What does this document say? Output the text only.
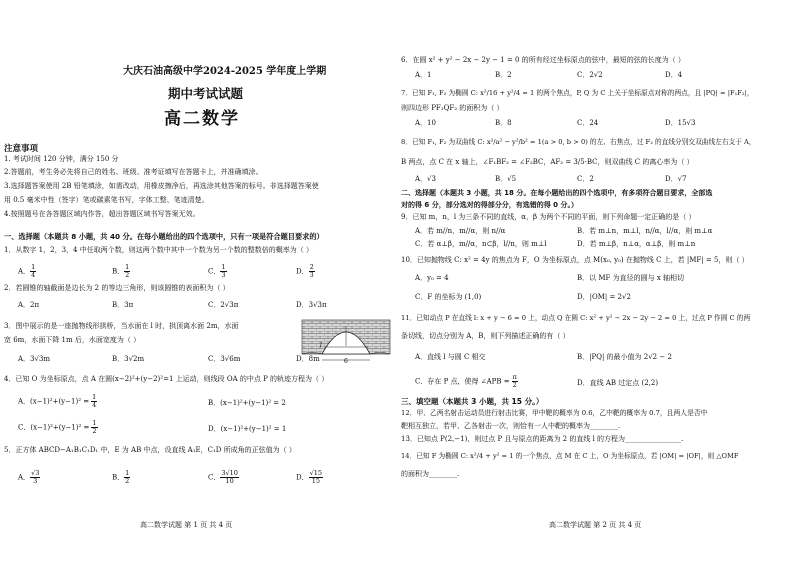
大庆石油高级中学2024-2025 学年度上学期
期中考试试题
高二数学
注意事项
1. 考试时间 120 分钟，满分 150 分
2.答题前，考生务必先将自己的姓名、班级、准考证填写在答题卡上，并准确填涂。
3.选择题答案使用 2B 铅笔填涂，如需改动，用橡皮擦净后，再选涂其他答案的标号。非选择题答案使
用 0.5 毫米中性（签字）笔或碳素笔书写，字体工整、笔迹清楚。
4.按照题号在各答题区域内作答，超出答题区域书写答案无效。
一、选择题（本题共 8 小题，共 40 分。在每小题给出的四个选项中，只有一项是符合题目要求的）
1．从数字 1，2，3，4 中任取两个数，则这两个数中其中一个数为另一个数的整数倍的概率为（ ）
A． $\frac{1}{4}$	B． $\frac{1}{2}$	C． $\frac{1}{3}$	D． $\frac{2}{3}$
2．若圆锥的轴截面是边长为 2 的等边三角形，则该圆锥的表面积为（ ）
A．2π	B．3π	C．2√3π	D．3√3π
3．图中展示的是一座抛物线形拱桥，当水面在 l 时，拱顶离水面 2m，水面
宽 6m，水面下降 1m 后，水面宽度为（ ）
l
6
A．3√3m	B．3√2m	C．3√6m	D．8m
4．已知 O 为坐标原点，点 A 在圆(x−2)²+(y−2)²=1 上运动，则线段 OA 的中点 P 的轨迹方程为（ ）
A．$(x-1)^2+(y-1)^2 = \frac{1}{4}$	B．(x−1)²+(y−1)² = 2
C．$(x-1)^2+(y-1)^2 = \frac{1}{2}$	D．(x−1)²+(y−1)² = 1
5．正方体 ABCD−A₁B₁C₁D₁ 中，E 为 AB 中点，设直线 A₁E，C₁D 所成角的正弦值为（ ）
A． $\frac{√3}{3}$	B． $\frac{1}{2}$	C． $\frac{3√10}{10}$	D． $\frac{√15}{15}$
高二数学试题 第 1 页 共 4 页
6．在圆 x² + y² − 2x − 2y − 1 = 0 的所有经过坐标原点的弦中，最短的弦的长度为（ ）
A．1	B．2	C．2√2	D．4
7．已知 F₁, F₂ 为椭圆 C: x²/16 + y²/4 = 1 的两个焦点，P, Q 为 C 上关于坐标原点对称的两点，且 |PQ| = |F₁F₂|，
则四边形 PF₁QF₂ 的面积为（ ）
A．10	B．8	C．24	D．15√3
8．已知 F₁, F₂ 为双曲线 C: x²/a² − y²/b² = 1(a > 0, b > 0) 的左、右焦点，过 F₂ 的直线分别交双曲线左右支于 A，
B 两点，点 C 在 x 轴上，∠F₁BF₂ = ∠F₂BC，AF₂ = 3/5·BC，则双曲线 C 的离心率为（ ）
A．√3	B．√5	C．2	D．√7
二、选择题（本题共 3 小题，共 18 分。在每小题给出的四个选项中，有多项符合题目要求，全部选
对的得 6 分，部分选对的得部分分，有选错的得 0 分。）
9．已知 m，n，l 为三条不同的直线，α，β 为两个不同的平面，则下列命题一定正确的是（ ）
A．若 m//n，m//α，则 n//α	B．若 m⊥n，m⊥l，n//α，l//α，则 m⊥α
C．若 α⊥β，m//α，n⊂β，l//n，则 m⊥l	D．若 m⊥β，n⊥α，α⊥β，则 m⊥n
10．已知抛物线 C: x² = 4y 的焦点为 F，O 为坐标原点，点 M(x₀, y₀) 在抛物线 C 上，若 |MF| = 5，则（ ）
A．y₀ = 4	B．以 MF 为直径的圆与 x 轴相切
C．F 的坐标为 (1,0)	D．|OM| = 2√2
11．已知动点 P 在直线 l: x + y − 6 = 0 上，动点 Q 在圆 C: x² + y² − 2x − 2y − 2 = 0 上，过点 P 作圆 C 的两
条切线，切点分别为 A，B，则下列描述正确的有（ ）
A．直线 l 与圆 C 相交	B．|PQ| 的最小值为 2√2 − 2
C．存在 P 点，使得 ∠APB = $\frac{\pi}{2}$	D．直线 AB 过定点 (2,2)
三、填空题（本题共 3 小题，共 15 分。）
12．甲、乙两名射击运动员进行射击比赛，甲中靶的概率为 0.6，乙中靶的概率为 0.7，且两人是否中
靶相互独立，若甲、乙各射击一次，则恰有一人中靶的概率为________.
13．已知点 P(2,−1)，则过点 P 且与原点的距离为 2 的直线 l 的方程为________________.
14．已知 F 为椭圆 C: x²/4 + y² = 1 的一个焦点，点 M 在 C 上，O 为坐标原点，若 |OM| = |OF|，则 △OMF
的面积为________.
高二数学试题 第 2 页 共 4 页
